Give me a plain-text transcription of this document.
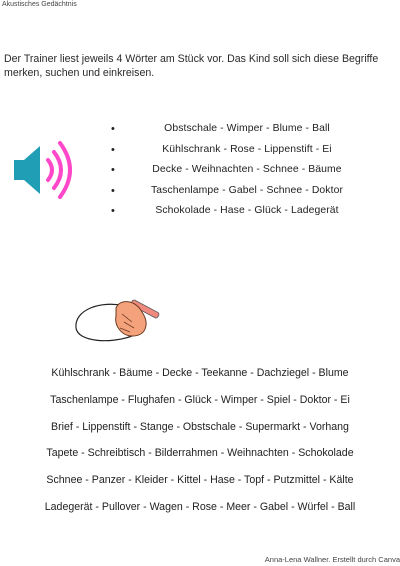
Akustisches Gedächtnis
Der Trainer liest jeweils 4 Wörter am Stück vor. Das Kind soll sich diese Begriffe merken, suchen und einkreisen.
•	Obstschale - Wimper - Blume - Ball
•	Kühlschrank - Rose - Lippenstift - Ei
•	Decke - Weihnachten - Schnee - Bäume
•	Taschenlampe - Gabel - Schnee - Doktor
•	Schokolade - Hase - Glück - Ladegerät
Kühlschrank - Bäume - Decke - Teekanne - Dachziegel - Blume
Taschenlampe - Flughafen - Glück - Wimper - Spiel - Doktor - Ei
Brief - Lippenstift - Stange - Obstschale - Supermarkt - Vorhang
Tapete - Schreibtisch - Bilderrahmen - Weihnachten - Schokolade
Schnee - Panzer - Kleider - Kittel - Hase - Topf - Putzmittel - Kälte
Ladegerät - Pullover - Wagen - Rose - Meer - Gabel - Würfel - Ball
Anna-Lena Wallner. Erstellt durch Canva
